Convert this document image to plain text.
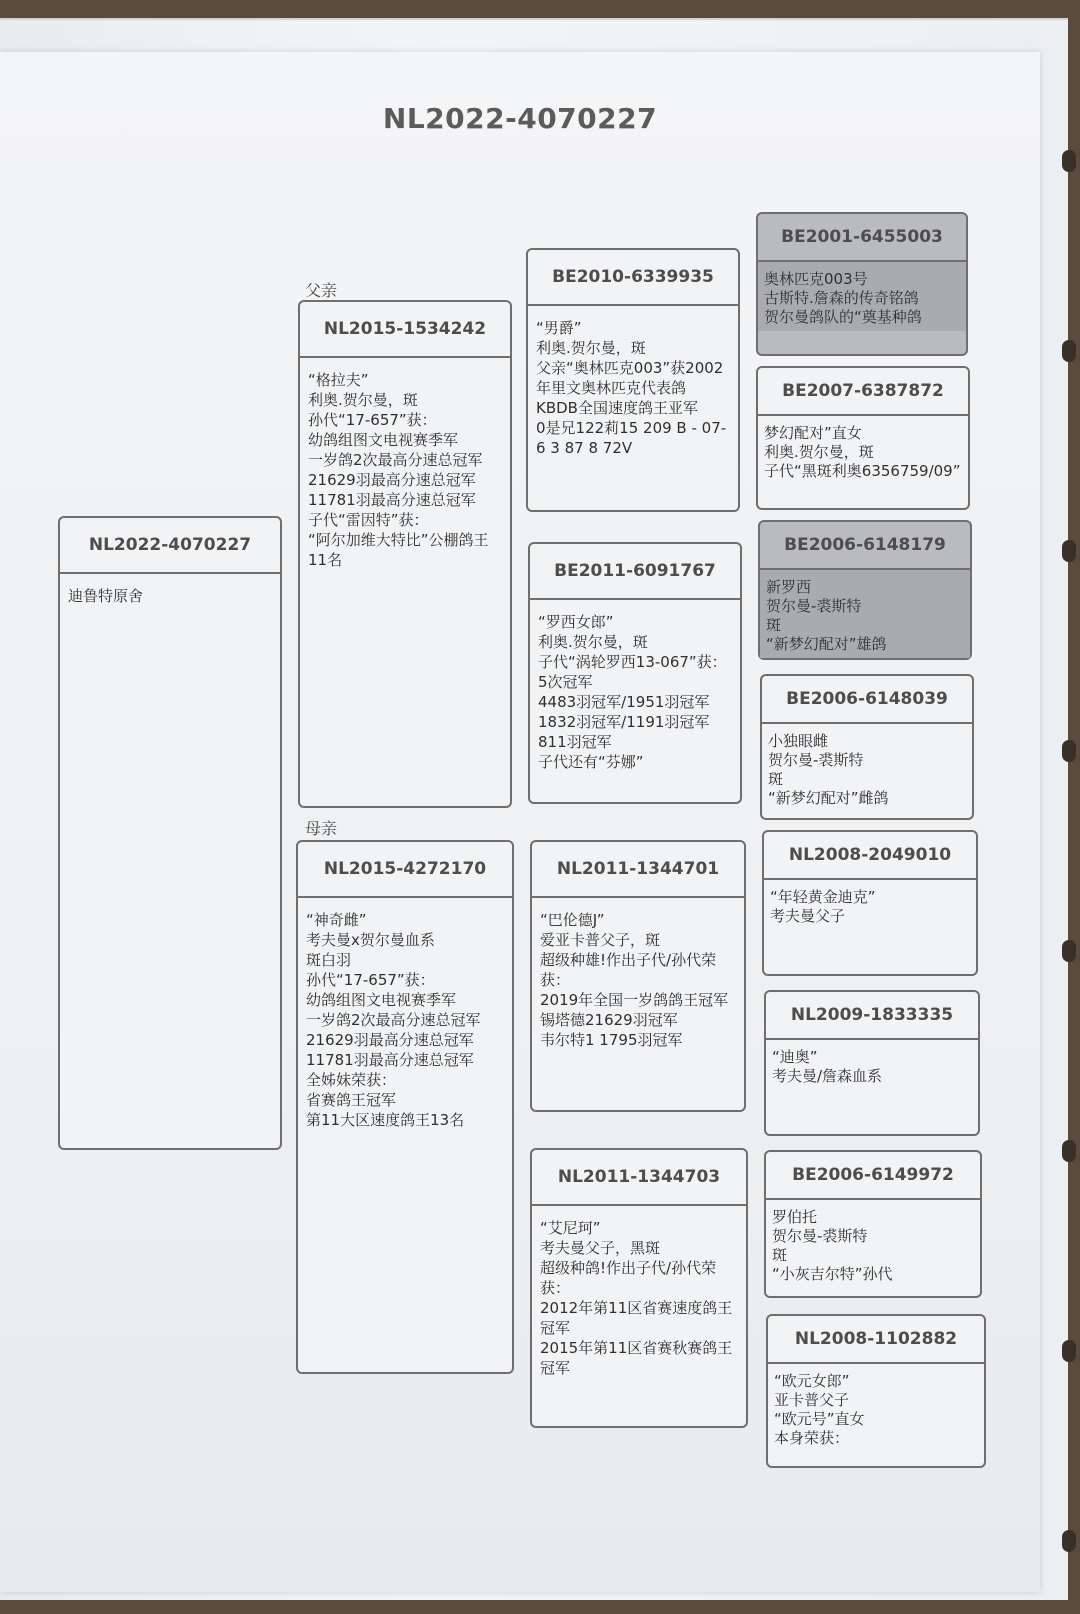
NL2022-4070227
父亲
母亲
NL2022-4070227
迪鲁特原舍
NL2015-1534242
“格拉夫”
利奥.贺尔曼，斑
孙代“17-657”获：
幼鸽组图文电视赛季军
一岁鸽2次最高分速总冠军
21629羽最高分速总冠军
11781羽最高分速总冠军
子代“雷因特”获：
“阿尔加维大特比”公棚鸽王11名
NL2015-4272170
“神奇雌”
考夫曼x贺尔曼血系
斑白羽
孙代“17-657”获：
幼鸽组图文电视赛季军
一岁鸽2次最高分速总冠军
21629羽最高分速总冠军
11781羽最高分速总冠军
全姊妹荣获：
省赛鸽王冠军
第11大区速度鸽王13名
BE2010-6339935
“男爵”
利奥.贺尔曼，斑
父亲“奥林匹克003”获2002年里文奥林匹克代表鸽
KBDB全国速度鸽王亚军
0是兄122莉15 209 B - 07- 6 3 87 8 72V
BE2011-6091767
“罗西女郎”
利奥.贺尔曼，斑
子代“涡轮罗西13-067”获：5次冠军
4483羽冠军/1951羽冠军
1832羽冠军/1191羽冠军
811羽冠军
子代还有“芬娜”
NL2011-1344701
“巴伦德J”
爱亚卡普父子，斑
超级种雄!作出子代/孙代荣获：
2019年全国一岁鸽鸽王冠军
锡塔德21629羽冠军
韦尔特1 1795羽冠军
NL2011-1344703
“艾尼珂”
考夫曼父子，黑斑
超级种鸽!作出子代/孙代荣获：
2012年第11区省赛速度鸽王冠军
2015年第11区省赛秋赛鸽王冠军
BE2001-6455003
奥林匹克003号
古斯特.詹森的传奇铭鸽
贺尔曼鸽队的“奠基种鸽
BE2007-6387872
梦幻配对”直女
利奥.贺尔曼，斑
子代“黑斑利奥6356759/09”
BE2006-6148179
新罗西
贺尔曼-裘斯特
斑
“新梦幻配对”雄鸽
BE2006-6148039
小独眼雌
贺尔曼-裘斯特
斑
“新梦幻配对”雌鸽
NL2008-2049010
“年轻黄金迪克”
考夫曼父子
NL2009-1833335
“迪奥”
考夫曼/詹森血系
BE2006-6149972
罗伯托
贺尔曼-裘斯特
斑
“小灰吉尔特”孙代
NL2008-1102882
“欧元女郎”
亚卡普父子
“欧元号”直女
本身荣获：
